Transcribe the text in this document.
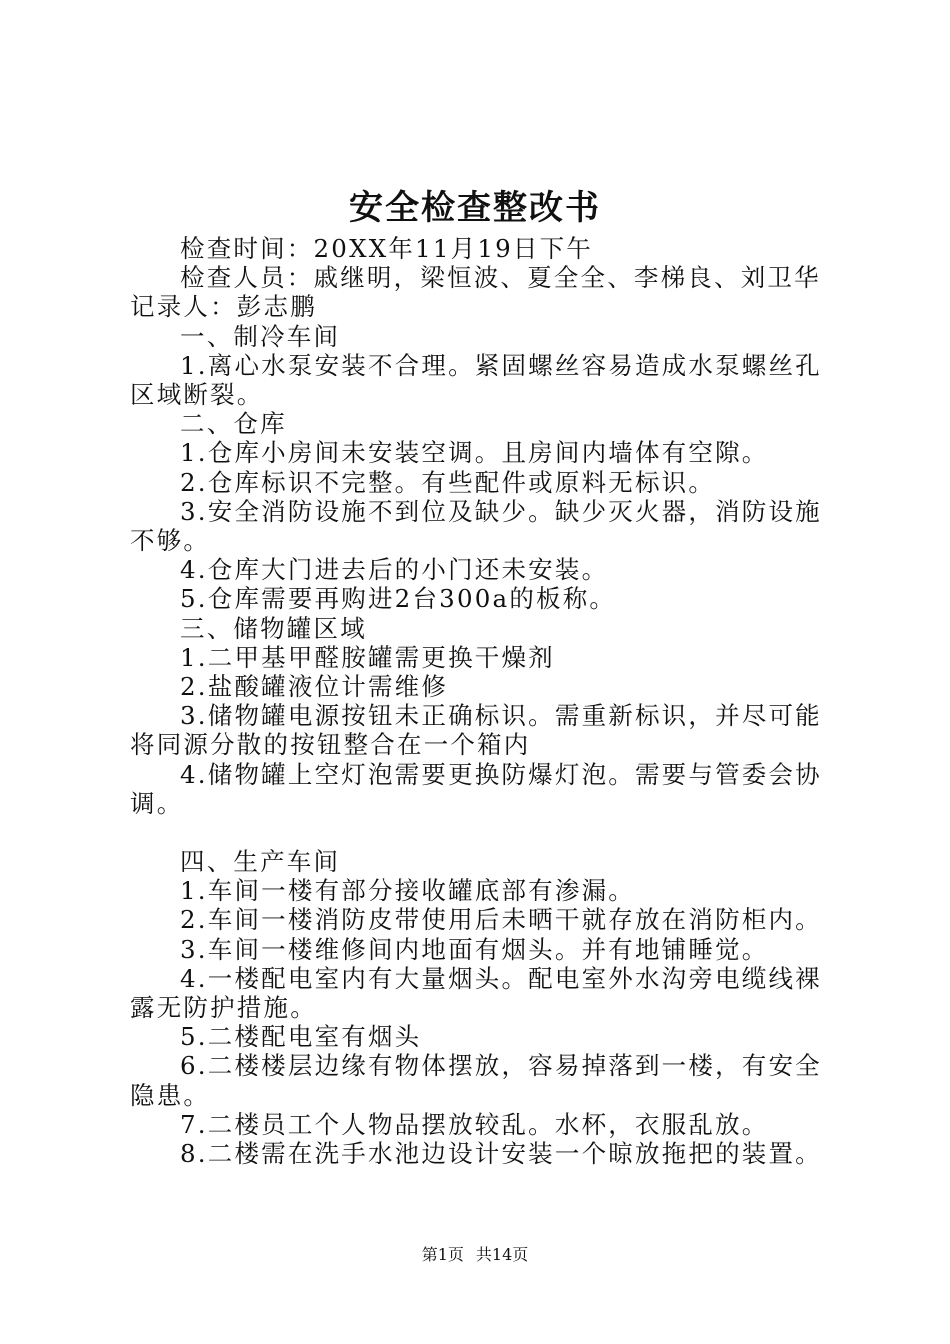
安全检查整改书

检查时间：20XX年11月19日下午

检查人员：戚继明，梁恒波、夏全全、李梯良、刘卫华记录人：彭志鹏

一、制冷车间

1.离心水泵安装不合理。紧固螺丝容易造成水泵螺丝孔区域断裂。

二、仓库

1.仓库小房间未安装空调。且房间内墙体有空隙。

2.仓库标识不完整。有些配件或原料无标识。

3.安全消防设施不到位及缺少。缺少灭火器，消防设施不够。

4.仓库大门进去后的小门还未安装。

5.仓库需要再购进2台300a的板称。

三、储物罐区域

1.二甲基甲醛胺罐需更换干燥剂

2.盐酸罐液位计需维修

3.储物罐电源按钮未正确标识。需重新标识，并尽可能将同源分散的按钮整合在一个箱内

4.储物罐上空灯泡需要更换防爆灯泡。需要与管委会协调。

四、生产车间

1.车间一楼有部分接收罐底部有渗漏。

2.车间一楼消防皮带使用后未晒干就存放在消防柜内。

3.车间一楼维修间内地面有烟头。并有地铺睡觉。

4.一楼配电室内有大量烟头。配电室外水沟旁电缆线裸露无防护措施。

5.二楼配电室有烟头

6.二楼楼层边缘有物体摆放，容易掉落到一楼，有安全隐患。

7.二楼员工个人物品摆放较乱。水杯，衣服乱放。

8.二楼需在洗手水池边设计安装一个晾放拖把的装置。

第1页 共14页
